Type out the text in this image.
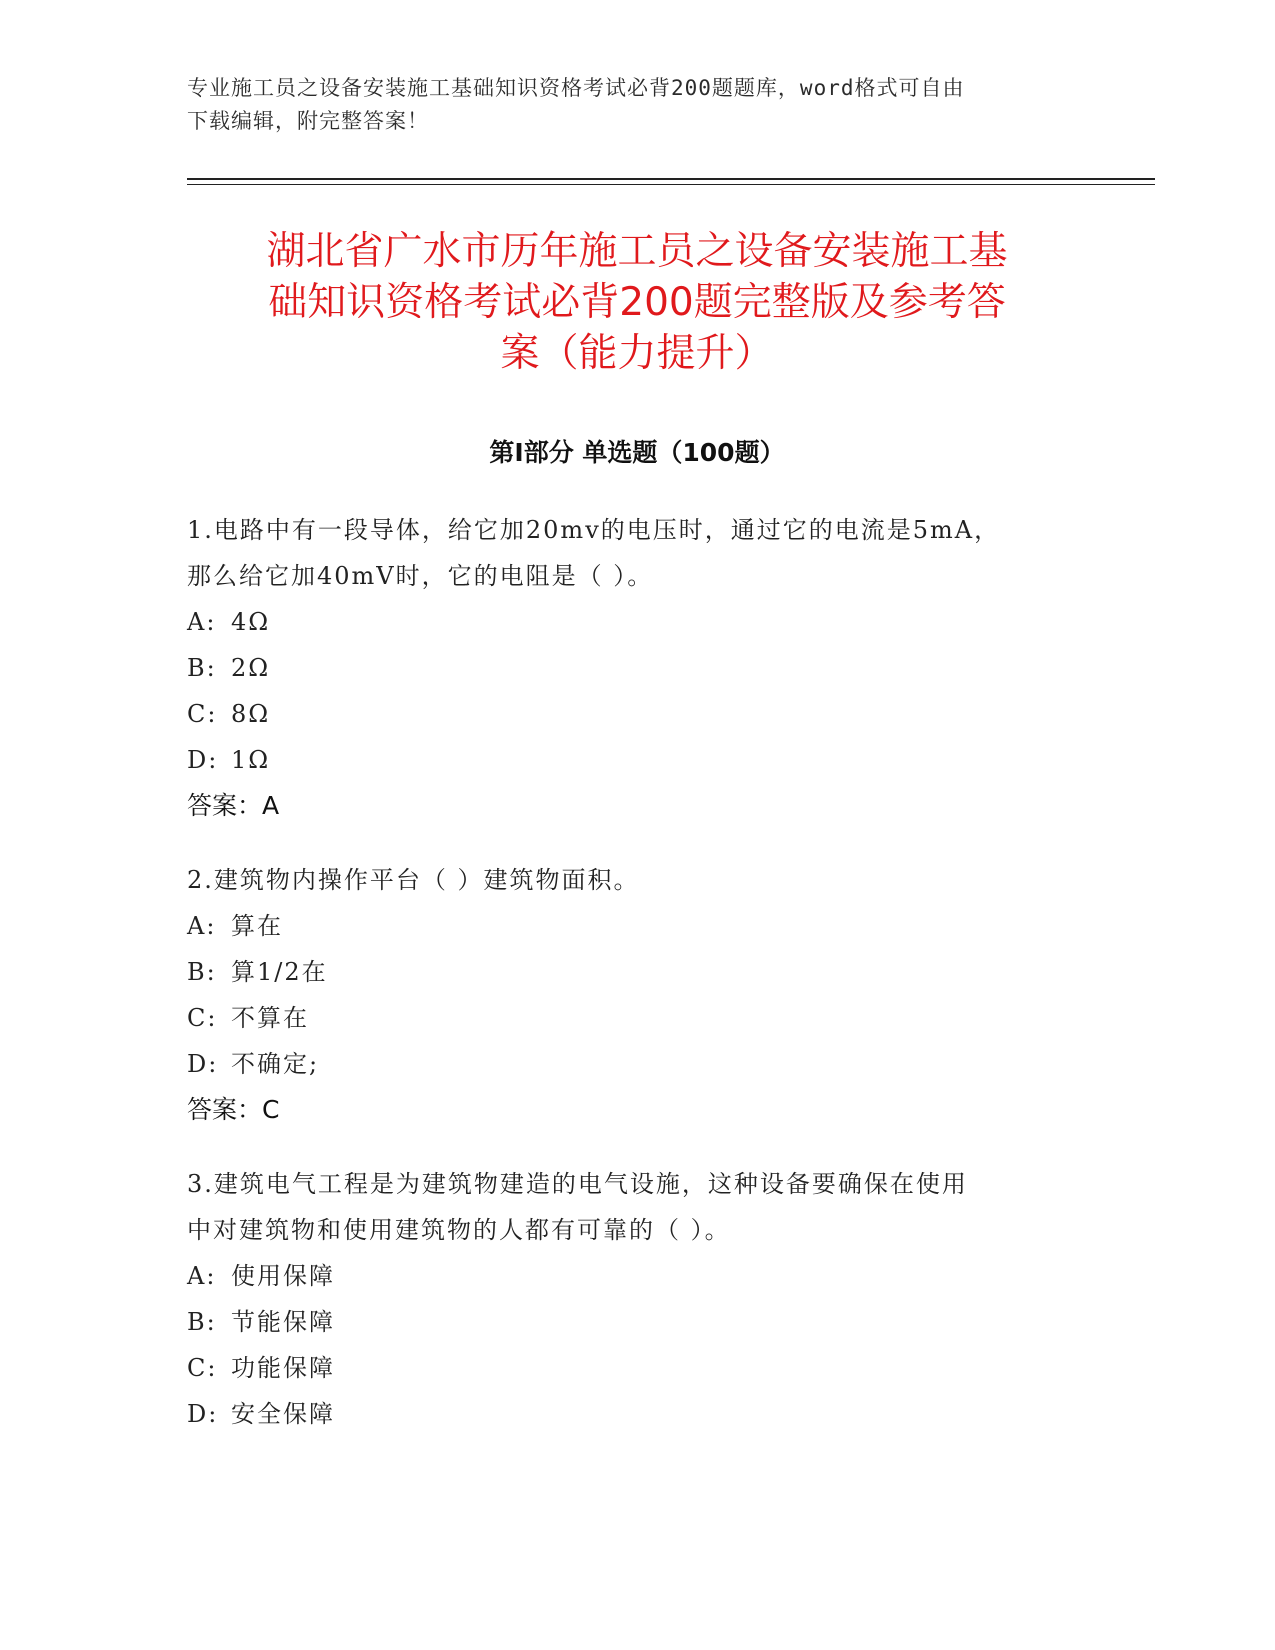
专业施工员之设备安装施工基础知识资格考试必背200题题库，word格式可自由
下载编辑，附完整答案！
湖北省广水市历年施工员之设备安装施工基
础知识资格考试必背200题完整版及参考答
案（能力提升）
第Ⅰ部分 单选题（100题）

1.电路中有一段导体，给它加20mv的电压时，通过它的电流是5mA，

那么给它加40mV时，它的电阻是（ ）。

A: 4Ω

B: 2Ω

C: 8Ω

D: 1Ω

答案：A

2.建筑物内操作平台（ ）建筑物面积。

A: 算在

B: 算1/2在

C: 不算在

D: 不确定;

答案：C

3.建筑电气工程是为建筑物建造的电气设施，这种设备要确保在使用

中对建筑物和使用建筑物的人都有可靠的（ ）。

A: 使用保障

B: 节能保障

C: 功能保障

D: 安全保障
